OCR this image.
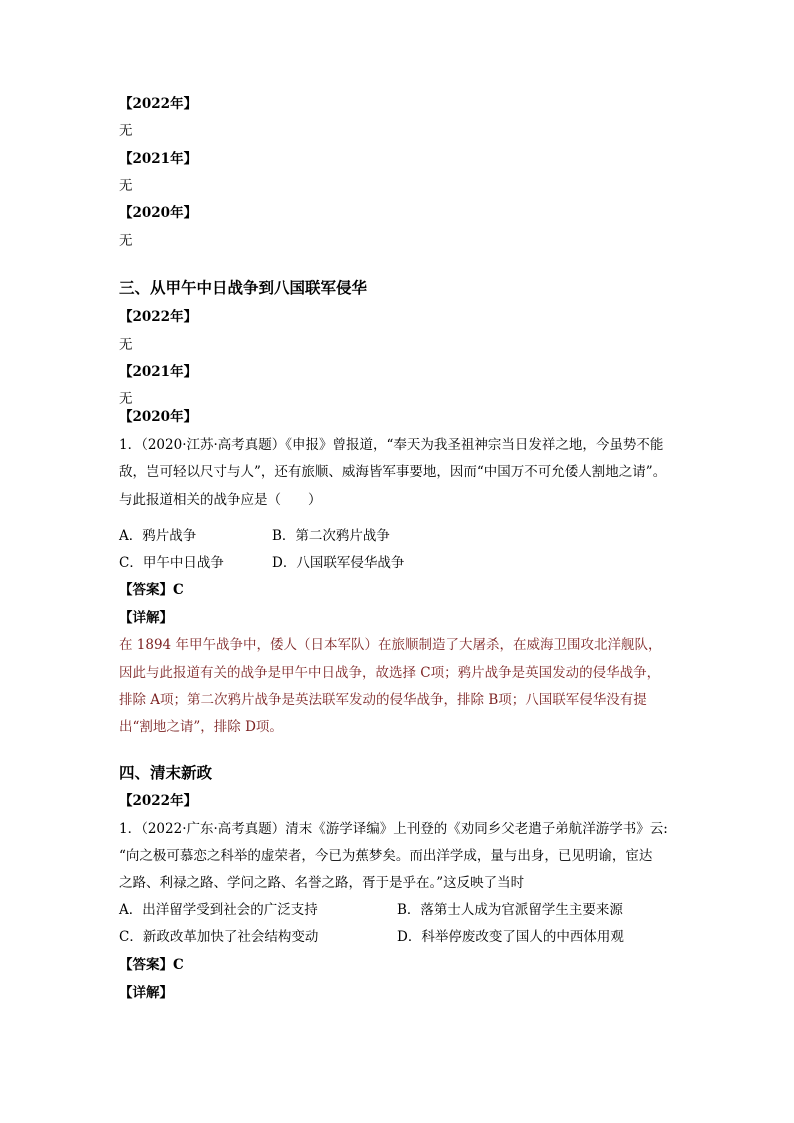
【2022年】
无
【2021年】
无
【2020年】
无
三、从甲午中日战争到八国联军侵华
【2022年】
无
【2021年】
无
【2020年】
1．（2020·江苏·高考真题）《申报》曾报道，“奉天为我圣祖神宗当日发祥之地，今虽势不能
敌，岂可轻以尺寸与人”，还有旅顺、威海皆军事要地，因而“中国万不可允倭人割地之请”。
与此报道相关的战争应是（　　）
A．鸦片战争	B．第二次鸦片战争
C．甲午中日战争	D．八国联军侵华战争
【答案】C
【详解】
在 1894 年甲午战争中，倭人（日本军队）在旅顺制造了大屠杀，在威海卫围攻北洋舰队，
因此与此报道有关的战争是甲午中日战争，故选择 C项；鸦片战争是英国发动的侵华战争，
排除 A项；第二次鸦片战争是英法联军发动的侵华战争，排除 B项；八国联军侵华没有提
出“割地之请”，排除 D项。
四、清末新政
【2022年】
1．（2022·广东·高考真题）清末《游学译编》上刊登的《劝同乡父老遣子弟航洋游学书》云:
“向之极可慕恋之科举的虚荣者，今已为蕉梦矣。而出洋学成，量与出身，已见明谕，宦达
之路、利禄之路、学问之路、名誉之路，胥于是乎在。”这反映了当时
A．出洋留学受到社会的广泛支持	B．落第士人成为官派留学生主要来源
C．新政改革加快了社会结构变动	D．科举停废改变了国人的中西体用观
【答案】C
【详解】
